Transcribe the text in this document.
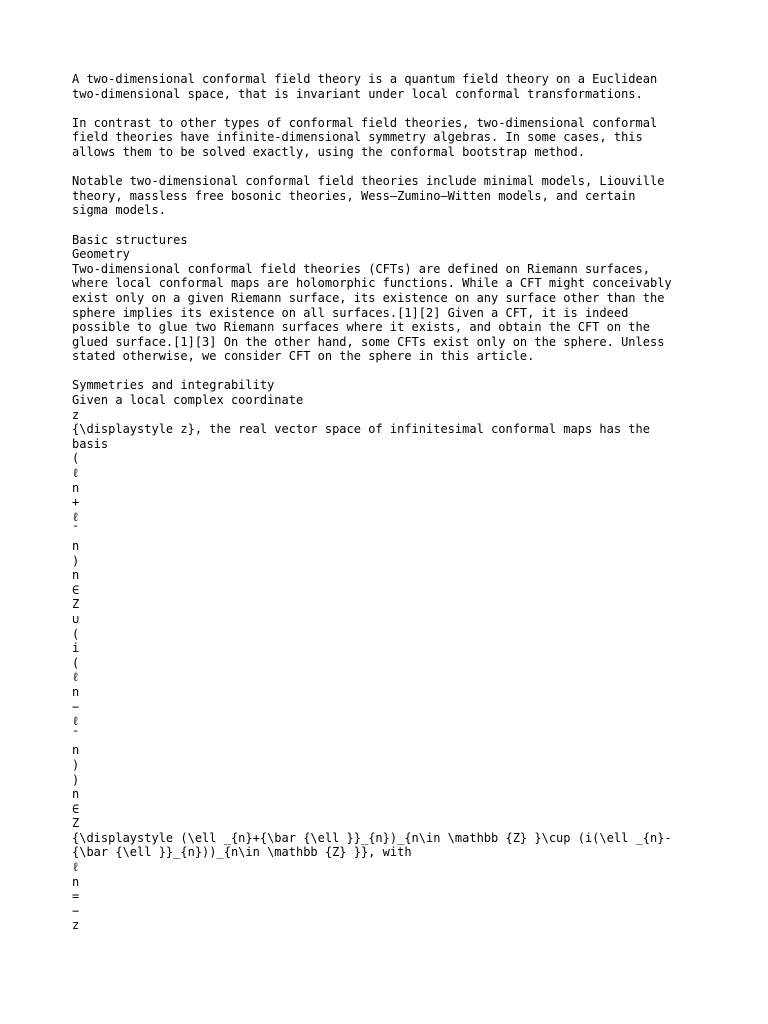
A two-dimensional conformal field theory is a quantum field theory on a Euclidean
two-dimensional space, that is invariant under local conformal transformations.

In contrast to other types of conformal field theories, two-dimensional conformal
field theories have infinite-dimensional symmetry algebras. In some cases, this
allows them to be solved exactly, using the conformal bootstrap method.

Notable two-dimensional conformal field theories include minimal models, Liouville
theory, massless free bosonic theories, Wess–Zumino–Witten models, and certain
sigma models.

Basic structures
Geometry
Two-dimensional conformal field theories (CFTs) are defined on Riemann surfaces,
where local conformal maps are holomorphic functions. While a CFT might conceivably
exist only on a given Riemann surface, its existence on any surface other than the
sphere implies its existence on all surfaces.[1][2] Given a CFT, it is indeed
possible to glue two Riemann surfaces where it exists, and obtain the CFT on the
glued surface.[1][3] On the other hand, some CFTs exist only on the sphere. Unless
stated otherwise, we consider CFT on the sphere in this article.
Symmetries and integrability
Given a local complex coordinate
z
{\displaystyle z}, the real vector space of infinitesimal conformal maps has the
basis
(
ℓ
n
+
ℓ
¯
n
)
n
∈
Z
∪
(
i
(
ℓ
n
−
ℓ
¯
n
)
)
n
∈
Z
{\displaystyle (\ell _{n}+{\bar {\ell }}_{n})_{n\in \mathbb {Z} }\cup (i(\ell _{n}-
{\bar {\ell }}_{n}))_{n\in \mathbb {Z} }}, with
ℓ
n
=
−
z
